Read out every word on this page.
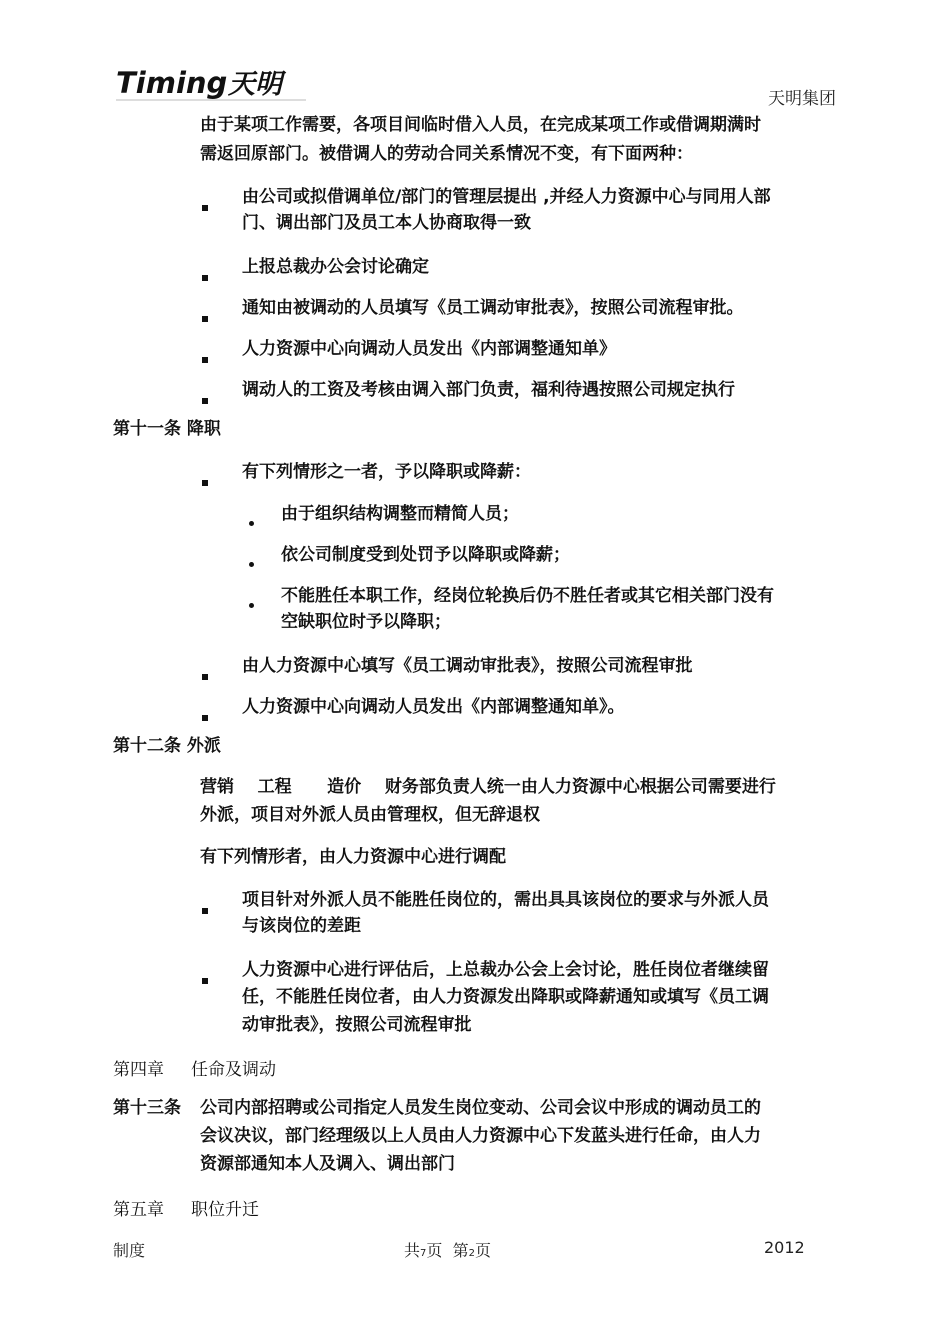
Timing 天明	天明集团
由于某项工作需要，各项目间临时借入人员，在完成某项工作或借调期满时
需返回原部门。被借调人的劳动合同关系情况不变，有下面两种：
由公司或拟借调单位/部门的管理层提出 ,并经人力资源中心与同用人部
门、调出部门及员工本人协商取得一致
上报总裁办公会讨论确定
通知由被调动的人员填写《员工调动审批表》，按照公司流程审批。
人力资源中心向调动人员发出《内部调整通知单》
调动人的工资及考核由调入部门负责，福利待遇按照公司规定执行
第十一条 降职
有下列情形之一者，予以降职或降薪：
由于组织结构调整而精简人员；
依公司制度受到处罚予以降职或降薪；
不能胜任本职工作，经岗位轮换后仍不胜任者或其它相关部门没有
空缺职位时予以降职；
由人力资源中心填写《员工调动审批表》，按照公司流程审批
人力资源中心向调动人员发出《内部调整通知单》。
第十二条 外派
营销    工程      造价    财务部负责人统一由人力资源中心根据公司需要进行
外派，项目对外派人员由管理权，但无辞退权
有下列情形者，由人力资源中心进行调配
项目针对外派人员不能胜任岗位的，需出具具该岗位的要求与外派人员
与该岗位的差距
人力资源中心进行评估后，上总裁办公会上会讨论，胜任岗位者继续留
任，不能胜任岗位者，由人力资源发出降职或降薪通知或填写《员工调
动审批表》，按照公司流程审批
第四章     任命及调动
第十三条 公司内部招聘或公司指定人员发生岗位变动、公司会议中形成的调动员工的
会议决议，部门经理级以上人员由人力资源中心下发蓝头进行任命，由人力
资源部通知本人及调入、调出部门
第五章     职位升迁
制度	共7页  第2页	2012
